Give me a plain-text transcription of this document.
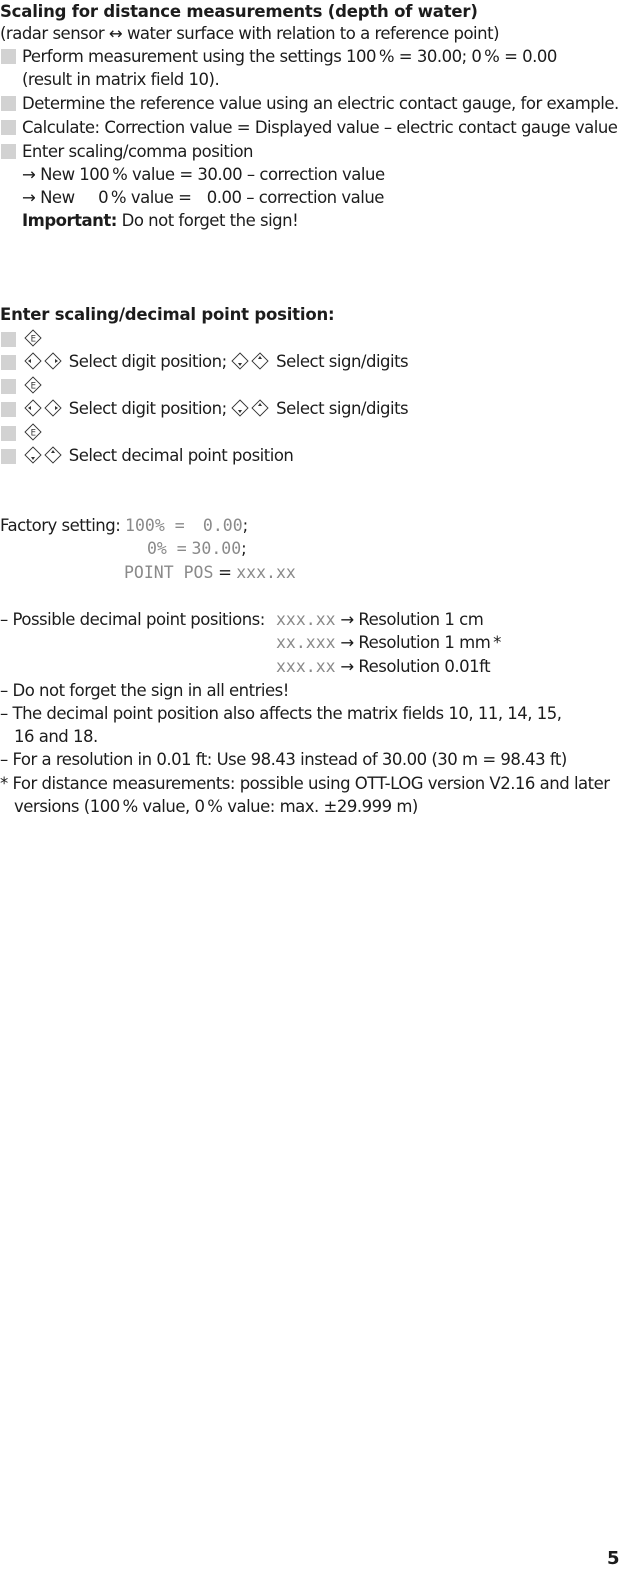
Scaling for distance measurements (depth of water)
(radar sensor ↔ water surface with relation to a reference point)
Perform measurement using the settings 100 % = 30.00; 0 % = 0.00
(result in matrix field 10).
Determine the reference value using an electric contact gauge, for example.
Calculate: Correction value = Displayed value – electric contact gauge value
Enter scaling/comma position
→ New 100 % value = 30.00 – correction value
→ New   0 % value =   0.00 – correction value
Important: Do not forget the sign!
Enter scaling/decimal point position:
E
Select digit position;	Select sign/digits
E
Select digit position;	Select sign/digits
E
Select decimal point position
Factory setting: 100% = 0.00;
0% = 30.00;
POINT POS = xxx.xx
– Possible decimal point positions: xxx.xx → Resolution 1 cm
xx.xxx → Resolution 1 mm *
xxx.xx → Resolution 0.01ft
– Do not forget the sign in all entries!
– The decimal point position also affects the matrix fields 10, 11, 14, 15,
16 and 18.
– For a resolution in 0.01 ft: Use 98.43 instead of 30.00 (30 m = 98.43 ft)
* For distance measurements: possible using OTT-LOG version V2.16 and later
versions (100 % value, 0 % value: max. ±29.999 m)
5
